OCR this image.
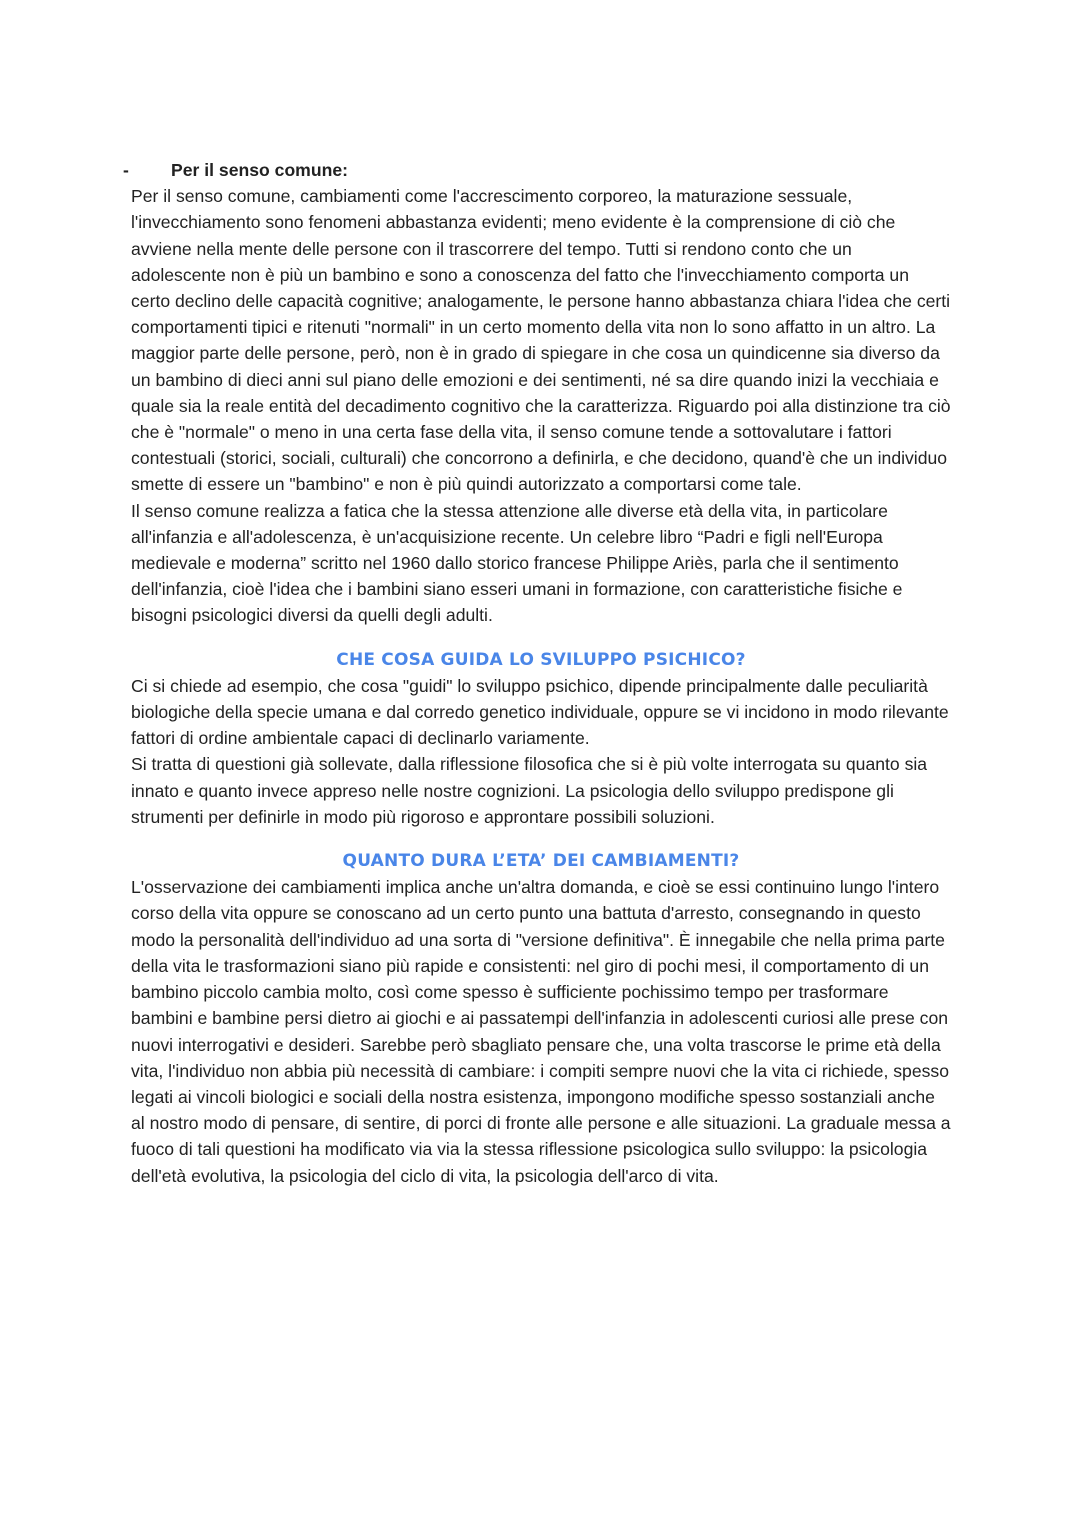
- Per il senso comune:

Per il senso comune, cambiamenti come l'accrescimento corporeo, la maturazione sessuale, l'invecchiamento sono fenomeni abbastanza evidenti; meno evidente è la comprensione di ciò che avviene nella mente delle persone con il trascorrere del tempo. Tutti si rendono conto che un adolescente non è più un bambino e sono a conoscenza del fatto che l'invecchiamento comporta un certo declino delle capacità cognitive; analogamente, le persone hanno abbastanza chiara l'idea che certi comportamenti tipici e ritenuti "normali" in un certo momento della vita non lo sono affatto in un altro. La maggior parte delle persone, però, non è in grado di spiegare in che cosa un quindicenne sia diverso da un bambino di dieci anni sul piano delle emozioni e dei sentimenti, né sa dire quando inizi la vecchiaia e quale sia la reale entità del decadimento cognitivo che la caratterizza. Riguardo poi alla distinzione tra ciò che è "normale" o meno in una certa fase della vita, il senso comune tende a sottovalutare i fattori contestuali (storici, sociali, culturali) che concorrono a definirla, e che decidono, quand'è che un individuo smette di essere un "bambino" e non è più quindi autorizzato a comportarsi come tale.

Il senso comune realizza a fatica che la stessa attenzione alle diverse età della vita, in particolare all'infanzia e all'adolescenza, è un'acquisizione recente. Un celebre libro “Padri e figli nell'Europa medievale e moderna” scritto nel 1960 dallo storico francese Philippe Ariès, parla che il sentimento dell'infanzia, cioè l'idea che i bambini siano esseri umani in formazione, con caratteristiche fisiche e bisogni psicologici diversi da quelli degli adulti.

CHE COSA GUIDA LO SVILUPPO PSICHICO?

Ci si chiede ad esempio, che cosa "guidi" lo sviluppo psichico, dipende principalmente dalle peculiarità biologiche della specie umana e dal corredo genetico individuale, oppure se vi incidono in modo rilevante fattori di ordine ambientale capaci di declinarlo variamente.

Si tratta di questioni già sollevate, dalla riflessione filosofica che si è più volte interrogata su quanto sia innato e quanto invece appreso nelle nostre cognizioni. La psicologia dello sviluppo predispone gli strumenti per definirle in modo più rigoroso e approntare possibili soluzioni.

QUANTO DURA L’ETA’ DEI CAMBIAMENTI?

L'osservazione dei cambiamenti implica anche un'altra domanda, e cioè se essi continuino lungo l'intero corso della vita oppure se conoscano ad un certo punto una battuta d'arresto, consegnando in questo modo la personalità dell'individuo ad una sorta di "versione definitiva". È innegabile che nella prima parte della vita le trasformazioni siano più rapide e consistenti: nel giro di pochi mesi, il comportamento di un bambino piccolo cambia molto, così come spesso è sufficiente pochissimo tempo per trasformare bambini e bambine persi dietro ai giochi e ai passatempi dell'infanzia in adolescenti curiosi alle prese con nuovi interrogativi e desideri. Sarebbe però sbagliato pensare che, una volta trascorse le prime età della vita, l'individuo non abbia più necessità di cambiare: i compiti sempre nuovi che la vita ci richiede, spesso legati ai vincoli biologici e sociali della nostra esistenza, impongono modifiche spesso sostanziali anche al nostro modo di pensare, di sentire, di porci di fronte alle persone e alle situazioni. La graduale messa a fuoco di tali questioni ha modificato via via la stessa riflessione psicologica sullo sviluppo: la psicologia dell'età evolutiva, la psicologia del ciclo di vita, la psicologia dell'arco di vita.
